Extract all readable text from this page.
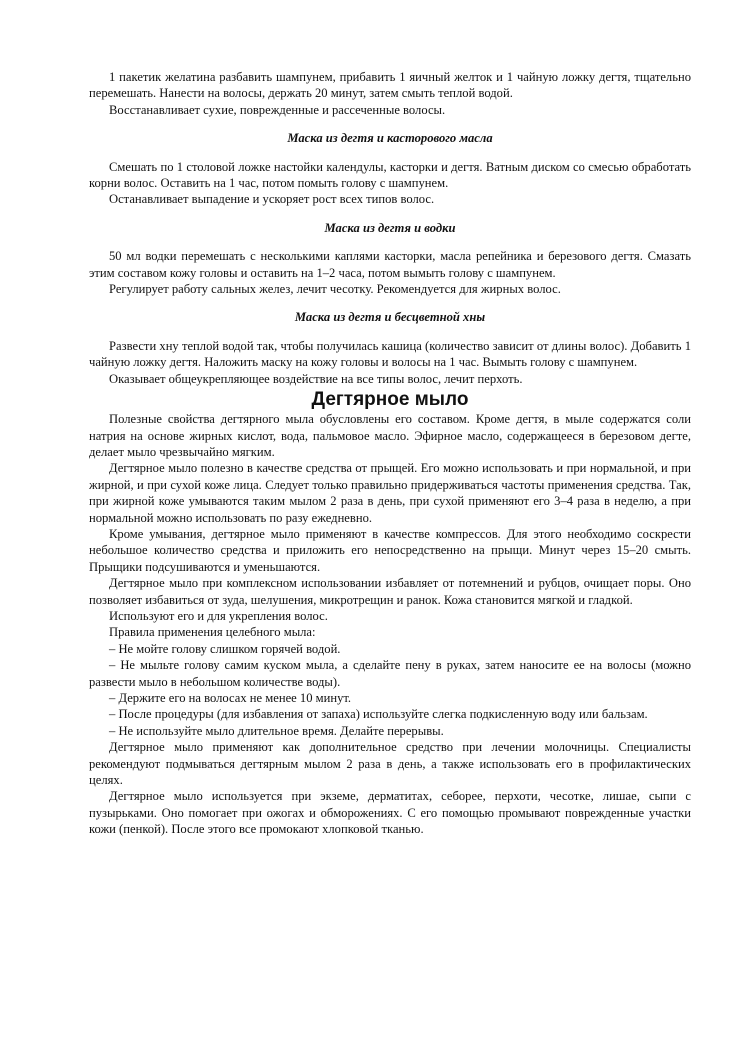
1 пакетик желатина разбавить шампунем, прибавить 1 яичный желток и 1 чайную ложку дегтя, тщательно перемешать. Нанести на волосы, держать 20 минут, затем смыть теплой водой.

Восстанавливает сухие, поврежденные и рассеченные волосы.

Маска из дегтя и касторового масла

Смешать по 1 столовой ложке настойки календулы, касторки и дегтя. Ватным диском со смесью обработать корни волос. Оставить на 1 час, потом помыть голову с шампунем.

Останавливает выпадение и ускоряет рост всех типов волос.

Маска из дегтя и водки

50 мл водки перемешать с несколькими каплями касторки, масла репейника и березового дегтя. Смазать этим составом кожу головы и оставить на 1–2 часа, потом вымыть голову с шампунем.

Регулирует работу сальных желез, лечит чесотку. Рекомендуется для жирных волос.

Маска из дегтя и бесцветной хны

Развести хну теплой водой так, чтобы получилась кашица (количество зависит от длины волос). Добавить 1 чайную ложку дегтя. Наложить маску на кожу головы и волосы на 1 час. Вымыть голову с шампунем.

Оказывает общеукрепляющее воздействие на все типы волос, лечит перхоть.

Дегтярное мыло

Полезные свойства дегтярного мыла обусловлены его составом. Кроме дегтя, в мыле содержатся соли натрия на основе жирных кислот, вода, пальмовое масло. Эфирное масло, содержащееся в березовом дегте, делает мыло чрезвычайно мягким.

Дегтярное мыло полезно в качестве средства от прыщей. Его можно использовать и при нормальной, и при жирной, и при сухой коже лица. Следует только правильно придерживаться частоты применения средства. Так, при жирной коже умываются таким мылом 2 раза в день, при сухой применяют его 3–4 раза в неделю, а при нормальной можно использовать по разу ежедневно.

Кроме умывания, дегтярное мыло применяют в качестве компрессов. Для этого необходимо соскрести небольшое количество средства и приложить его непосредственно на прыщи. Минут через 15–20 смыть. Прыщики подсушиваются и уменьшаются.

Дегтярное мыло при комплексном использовании избавляет от потемнений и рубцов, очищает поры. Оно позволяет избавиться от зуда, шелушения, микротрещин и ранок. Кожа становится мягкой и гладкой.

Используют его и для укрепления волос.

Правила применения целебного мыла:

– Не мойте голову слишком горячей водой.

– Не мыльте голову самим куском мыла, а сделайте пену в руках, затем наносите ее на волосы (можно развести мыло в небольшом количестве воды).

– Держите его на волосах не менее 10 минут.

– После процедуры (для избавления от запаха) используйте слегка подкисленную воду или бальзам.

– Не используйте мыло длительное время. Делайте перерывы.

Дегтярное мыло применяют как дополнительное средство при лечении молочницы. Специалисты рекомендуют подмываться дегтярным мылом 2 раза в день, а также использовать его в профилактических целях.

Дегтярное мыло используется при экземе, дерматитах, себорее, перхоти, чесотке, лишае, сыпи с пузырьками. Оно помогает при ожогах и обморожениях. С его помощью промывают поврежденные участки кожи (пенкой). После этого все промокают хлопковой тканью.
